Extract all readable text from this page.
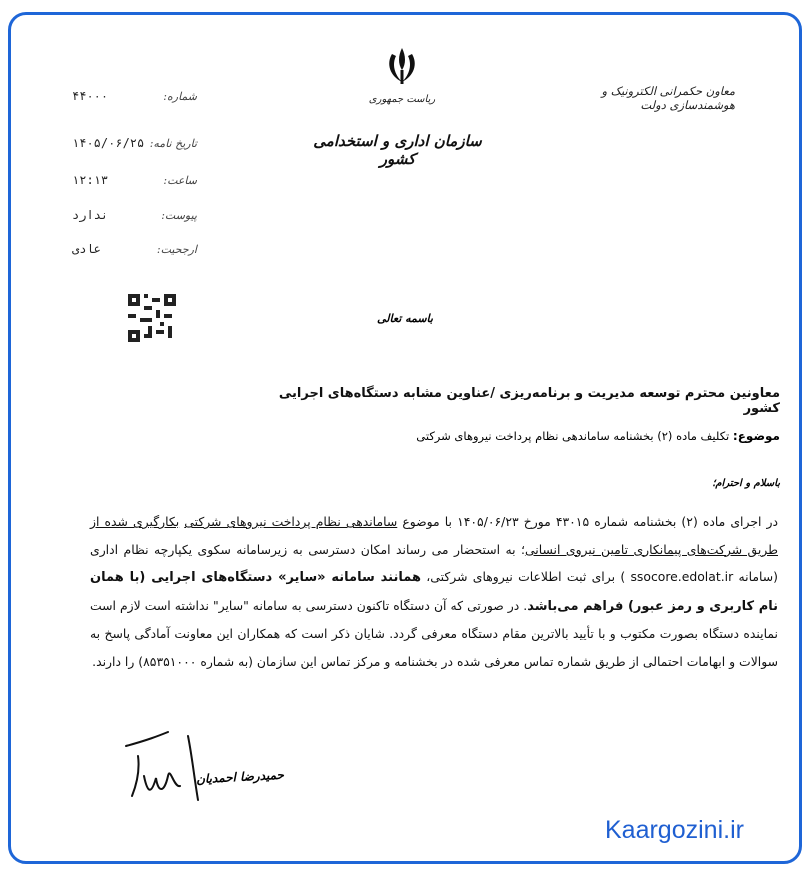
معاون حکمرانی الکترونیک و هوشمندسازی دولت
ریاست جمهوری
سازمان اداری و استخدامی کشور
شماره:
۴۴۰۰۰
تاریخ نامه:
۱۴۰۵/۰۶/۲۵
ساعت:
۱۲:۱۳
پیوست:
ندارد
ارجحیت:
عادی
باسمه تعالی
معاونین محترم توسعه مدیریت و برنامه‌ریزی /عناوین مشابه دستگاه‌های اجرایی کشور
موضوع: تکلیف ماده (۲) بخشنامه ساماندهی نظام پرداخت نیروهای شرکتی
باسلام و احترام؛
در اجرای ماده (۲) بخشنامه شماره ۴۳۰۱۵ مورخ ۱۴۰۵/۰۶/۲۳ با موضوع ساماندهی نظام پرداخت نیروهای شرکتی بکارگیری شده از طریق شرکت‌های پیمانکاری تامین نیروی انسانی؛ به استحضار می رساند امکان دسترسی به زیرسامانه سکوی یکپارچه نظام اداری (سامانه ssocore.edolat.ir ) برای ثبت اطلاعات نیروهای شرکتی، همانند سامانه «سایر» دستگاه‌های اجرایی (با همان نام کاربری و رمز عبور) فراهم می‌باشد. در صورتی که آن دستگاه تاکنون دسترسی به سامانه "سایر" نداشته است لازم است نماینده دستگاه بصورت مکتوب و با تأیید بالاترین مقام دستگاه معرفی گردد. شایان ذکر است که همکاران این معاونت آمادگی پاسخ به سوالات و ابهامات احتمالی از طریق شماره تماس معرفی شده در بخشنامه و مرکز تماس این سازمان (به شماره ۸۵۳۵۱۰۰۰) را دارند.
حمیدرضا احمدیان
Kaargozini.ir
